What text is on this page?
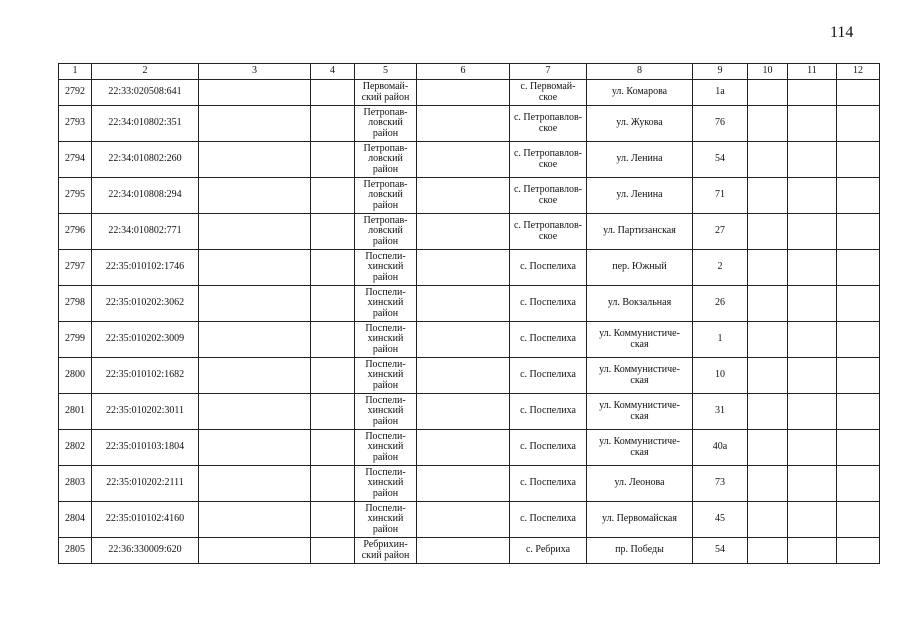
114
1	2	3	4	5	6	7	8	9	10	11	12
2792	22:33:020508:641			Первомай-
ский район		с. Первомай-
ское	ул. Комарова	1а			
2793	22:34:010802:351			Петропав-
ловский
район		с. Петропавлов-
ское	ул. Жукова	76			
2794	22:34:010802:260			Петропав-
ловский
район		с. Петропавлов-
ское	ул. Ленина	54			
2795	22:34:010808:294			Петропав-
ловский
район		с. Петропавлов-
ское	ул. Ленина	71			
2796	22:34:010802:771			Петропав-
ловский
район		с. Петропавлов-
ское	ул. Партизанская	27			
2797	22:35:010102:1746			Поспели-
хинский
район		с. Поспелиха	пер. Южный	2			
2798	22:35:010202:3062			Поспели-
хинский
район		с. Поспелиха	ул. Вокзальная	26			
2799	22:35:010202:3009			Поспели-
хинский
район		с. Поспелиха	ул. Коммунистиче-
ская	1			
2800	22:35:010102:1682			Поспели-
хинский
район		с. Поспелиха	ул. Коммунистиче-
ская	10			
2801	22:35:010202:3011			Поспели-
хинский
район		с. Поспелиха	ул. Коммунистиче-
ская	31			
2802	22:35:010103:1804			Поспели-
хинский
район		с. Поспелиха	ул. Коммунистиче-
ская	40а			
2803	22:35:010202:2111			Поспели-
хинский
район		с. Поспелиха	ул. Леонова	73			
2804	22:35:010102:4160			Поспели-
хинский
район		с. Поспелиха	ул. Первомайская	45			
2805	22:36:330009:620			Ребрихин-
ский район		с. Ребриха	пр. Победы	54			
